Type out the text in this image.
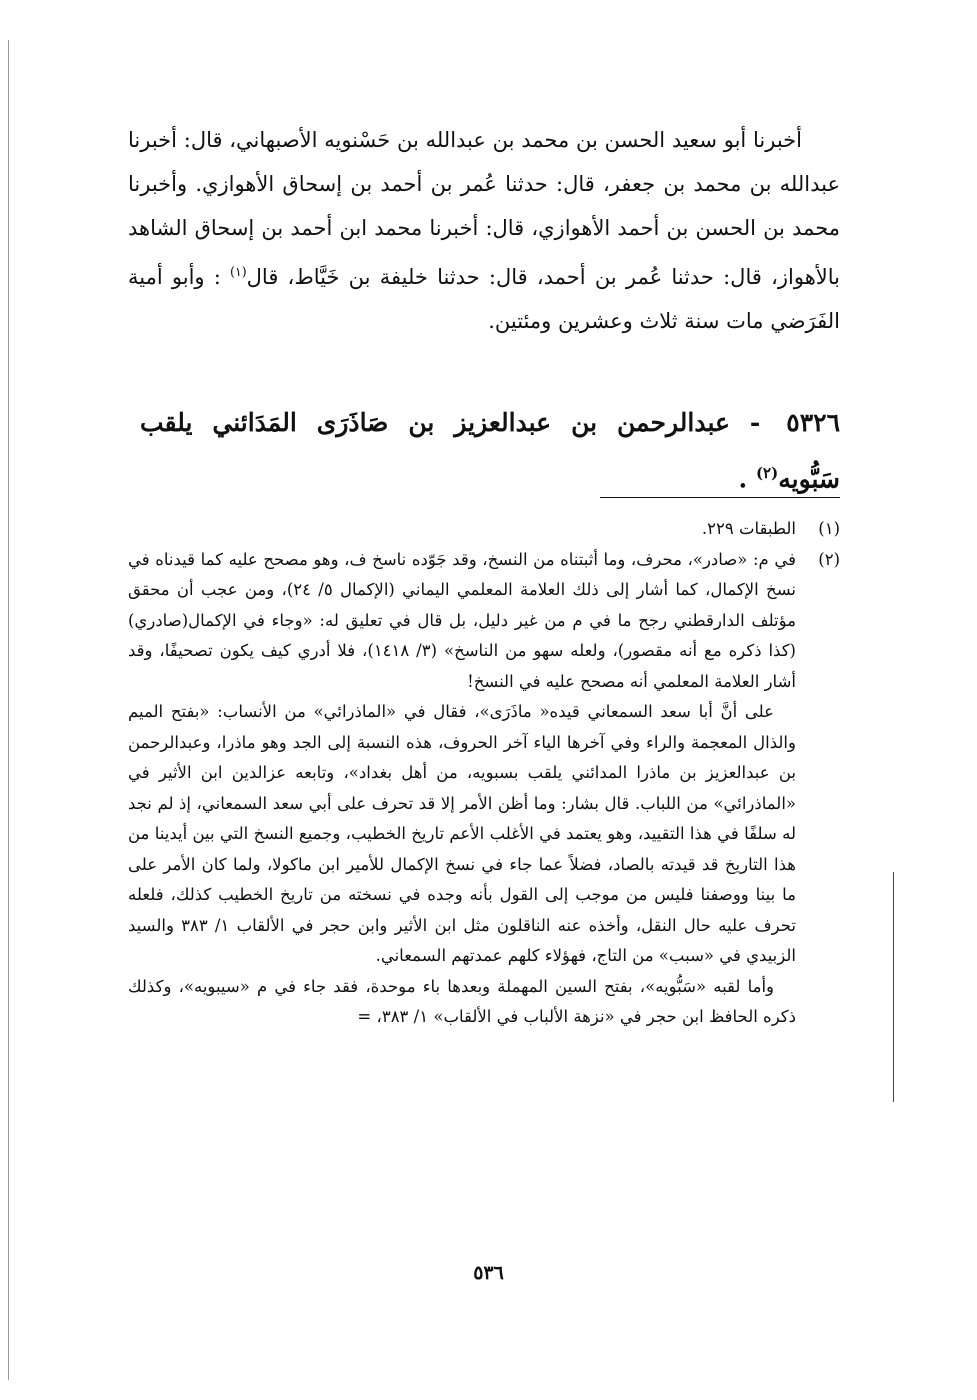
أخبرنا أبو سعيد الحسن بن محمد بن عبدالله بن حَسْنويه الأصبهاني، قال: أخبرنا عبدالله بن محمد بن جعفر، قال: حدثنا عُمر بن أحمد بن إسحاق الأهوازي. وأخبرنا محمد بن الحسن بن أحمد الأهوازي، قال: أخبرنا محمد ابن أحمد بن إسحاق الشاهد بالأهواز، قال: حدثنا عُمر بن أحمد، قال: حدثنا خليفة بن خَيَّاط، قال$^{(١)}$ : وأبو أمية الفَرَضي مات سنة ثلاث وعشرين ومئتين.

٥٣٢٦ - عبدالرحمن بن عبدالعزيز بن صَاذَرَى المَدَائني يلقب سَبُّويه$^{(٢)}$ .
(١)

الطبقات ٢٢٩.

(٢)

في م: «صادر»، محرف، وما أثبتناه من النسخ، وقد جَوّده ناسخ ف، وهو مصحح عليه كما قيدناه في نسخ الإكمال، كما أشار إلى ذلك العلامة المعلمي اليماني (الإكمال ٥/ ٢٤)، ومن عجب أن محقق مؤتلف الدارقطني رجح ما في م من غير دليل، بل قال في تعليق له: «وجاء في الإكمال(صادري) (كذا ذكره مع أنه مقصور)، ولعله سهو من الناسخ» (٣/ ١٤١٨)، فلا أدري كيف يكون تصحيفًا، وقد أشار العلامة المعلمي أنه مصحح عليه في النسخ!

على أنَّ أبا سعد السمعاني قيده« ماذَرَى»، فقال في «الماذرائي» من الأنساب: «بفتح الميم والذال المعجمة والراء وفي آخرها الياء آخر الحروف، هذه النسبة إلى الجد وهو ماذرا، وعبدالرحمن بن عبدالعزيز بن ماذرا المدائني يلقب بسبويه، من أهل بغداد»، وتابعه عزالدين ابن الأثير في «الماذرائي» من اللباب. قال بشار: وما أظن الأمر إلا قد تحرف على أبي سعد السمعاني، إذ لم نجد له سلفًا في هذا التقييد، وهو يعتمد في الأغلب الأعم تاريخ الخطيب، وجميع النسخ التي بين أيدينا من هذا التاريخ قد قيدته بالصاد، فضلاً عما جاء في نسخ الإكمال للأمير ابن ماكولا، ولما كان الأمر على ما بينا ووصفنا فليس من موجب إلى القول بأنه وجده في نسخته من تاريخ الخطيب كذلك، فلعله تحرف عليه حال النقل، وأخذه عنه الناقلون مثل ابن الأثير وابن حجر في الألقاب ١/ ٣٨٣ والسيد الزبيدي في «سبب» من التاج، فهؤلاء كلهم عمدتهم السمعاني.

وأما لقبه «سَبُّويه»، بفتح السين المهملة وبعدها باء موحدة، فقد جاء في م «سيبويه»، وكذلك ذكره الحافظ ابن حجر في «نزهة الألباب في الألقاب» ١/ ٣٨٣، =

٥٣٦
